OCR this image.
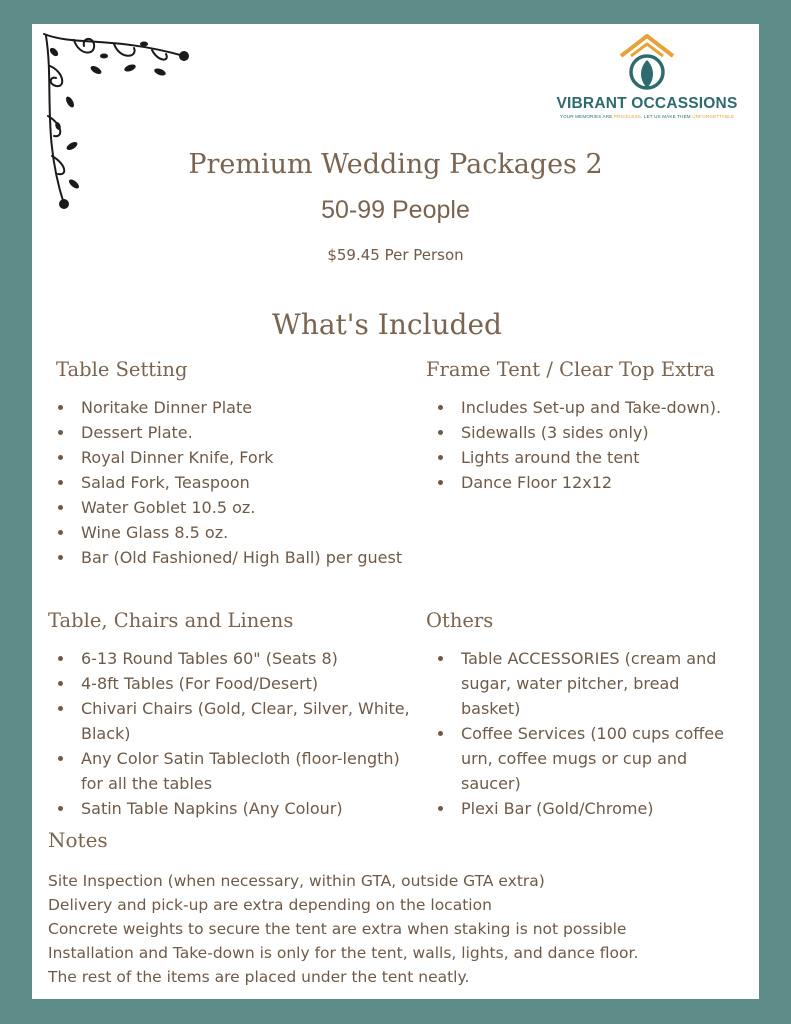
VIBRANT OCCASSIONS
YOUR MEMORIES ARE PRICELESS. LET US MAKE THEM UNFORGETTABLE
Premium Wedding Packages 2
50-99 People
$59.45 Per Person
What's Included
Table Setting
Noritake Dinner Plate
Dessert Plate.
Royal Dinner Knife, Fork
Salad Fork, Teaspoon
Water Goblet 10.5 oz.
Wine Glass 8.5 oz.
Bar (Old Fashioned/ High Ball) per guest
Frame Tent / Clear Top Extra
Includes Set-up and Take-down).
Sidewalls (3 sides only)
Lights around the tent
Dance Floor 12x12
Table, Chairs and Linens
6-13 Round Tables 60" (Seats 8)
4-8ft Tables (For Food/Desert)
Chivari Chairs (Gold, Clear, Silver, White, Black)
Any Color Satin Tablecloth (floor-length) for all the tables
Satin Table Napkins (Any Colour)
Others
Table ACCESSORIES (cream and sugar, water pitcher, bread basket)
Coffee Services (100 cups coffee urn, coffee mugs or cup and saucer)
Plexi Bar (Gold/Chrome)
Notes
Site Inspection (when necessary, within GTA, outside GTA extra)
Delivery and pick-up are extra depending on the location
Concrete weights to secure the tent are extra when staking is not possible
Installation and Take-down is only for the tent, walls, lights, and dance floor.
The rest of the items are placed under the tent neatly.
